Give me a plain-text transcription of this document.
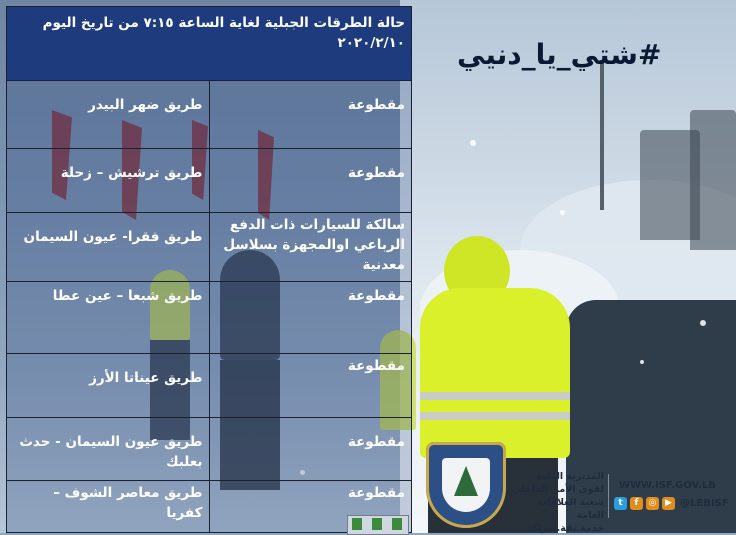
حالة الطرقات الجبلية لغاية الساعة ٧:١٥ من تاريخ اليوم
٢٠٢٠/٢/١٠	

طريق ضهر البيدر	مقطوعة
طريق ترشيش – زحلة	مقطوعة
طريق فقرا- عيون السيمان	سالكة للسيارات ذات الدفع الرباعي اوالمجهزة بسلاسل معدنية
طريق شبعا – عين عطا	مقطوعة
طريق عيناتا الأرز	مقطوعة
طريق عيون السيمان - حدث بعلبك	مقطوعة
طريق معاصر الشوف – كفريا	مقطوعة
#شتي_يا_دنيي
المديرية العامة لقوى الأمن الداخلي
شعبة العلاقات العامة
خدمة.ثقة.شراكة
WWW.ISF.GOV.LB
t	f	◎ ▶ @LEBISF
